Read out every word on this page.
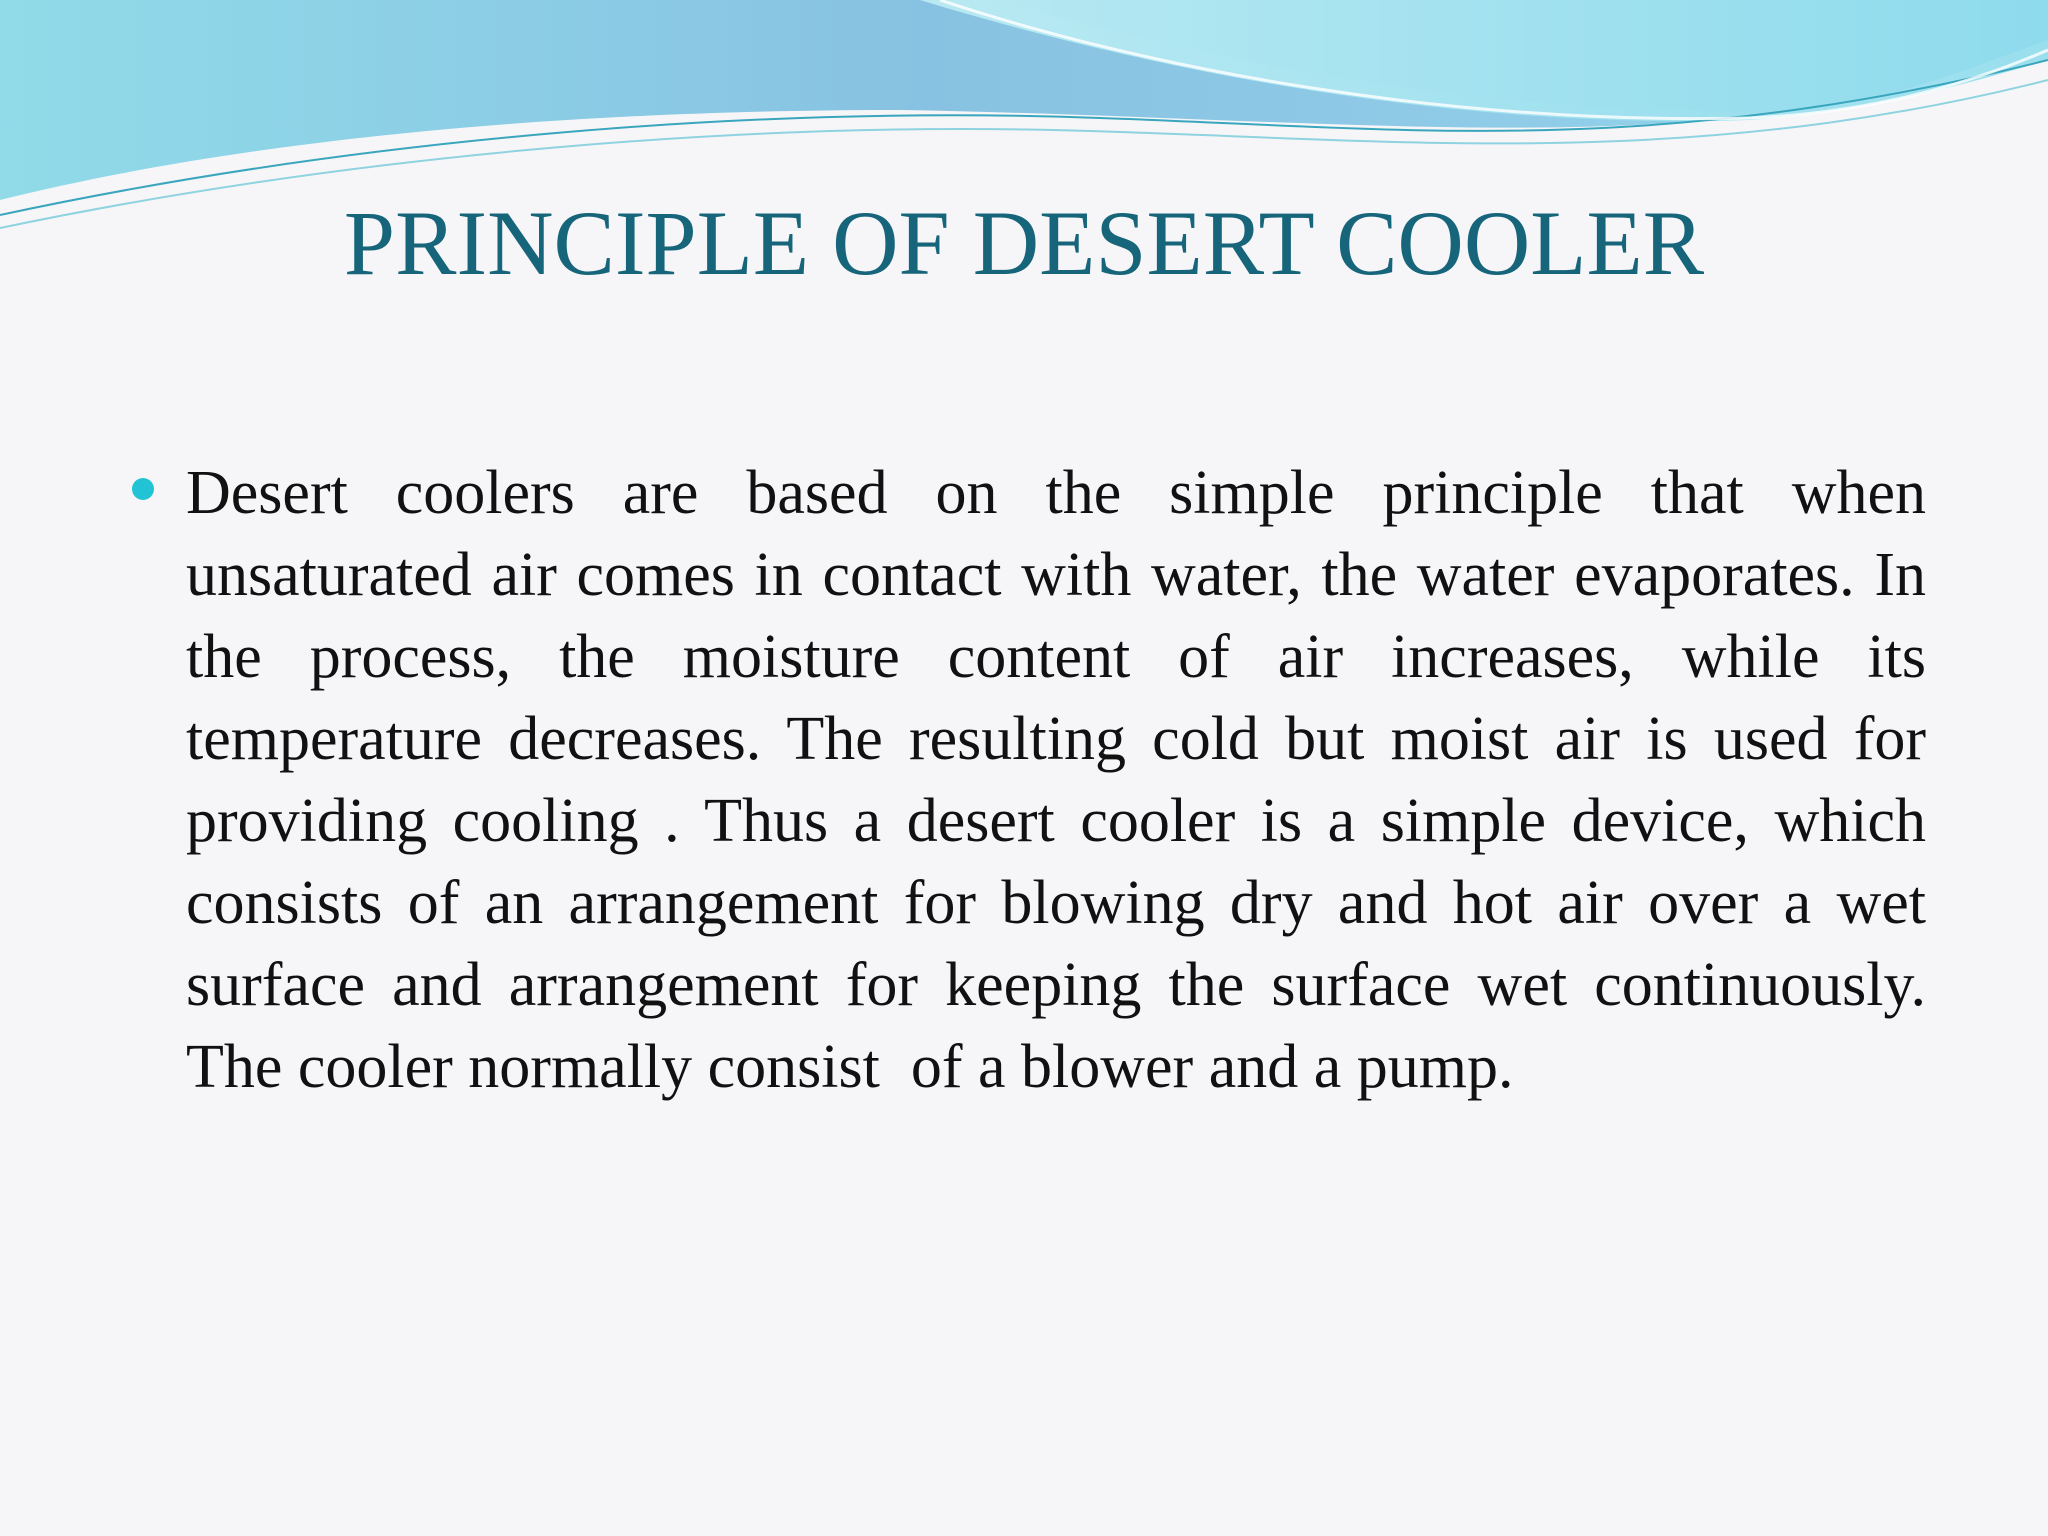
PRINCIPLE OF DESERT COOLER

Desert coolers are based on the simple principle that when unsaturated air comes in contact with water, the water evaporates. In the process, the moisture content of air increases, while its temperature decreases. The resulting cold but moist air is used for providing cooling . Thus a desert cooler is a simple device, which consists of an arrangement for blowing dry and hot air over a wet surface and arrangement for keeping the surface wet continuously. The cooler normally consist  of a blower and a pump.
